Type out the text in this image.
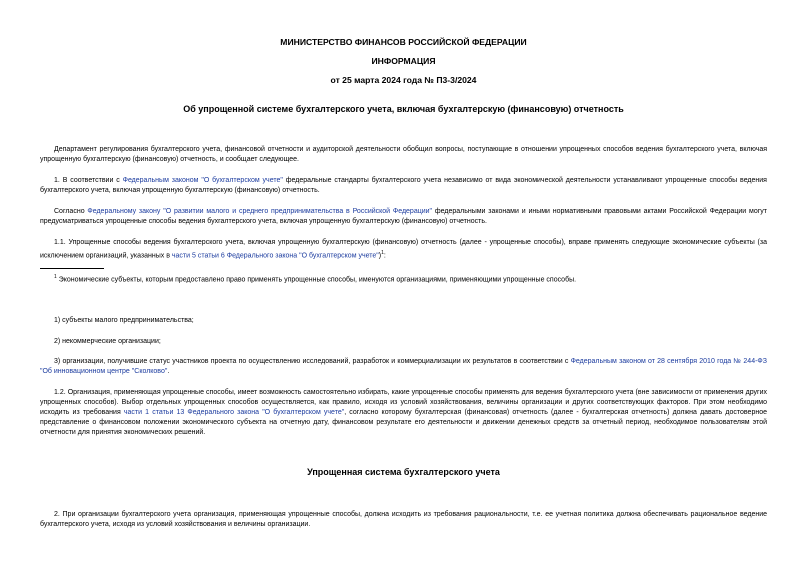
МИНИСТЕРСТВО ФИНАНСОВ РОССИЙСКОЙ ФЕДЕРАЦИИ
ИНФОРМАЦИЯ
от 25 марта 2024 года № П3-3/2024
Об упрощенной системе бухгалтерского учета, включая бухгалтерскую (финансовую) отчетность
Департамент регулирования бухгалтерского учета, финансовой отчетности и аудиторской деятельности обобщил вопросы, поступающие в отношении упрощенных способов ведения бухгалтерского учета, включая упрощенную бухгалтерскую (финансовую) отчетность, и сообщает следующее.
1. В соответствии с Федеральным законом "О бухгалтерском учете" федеральные стандарты бухгалтерского учета независимо от вида экономической деятельности устанавливают упрощенные способы ведения бухгалтерского учета, включая упрощенную бухгалтерскую (финансовую) отчетность.
Согласно Федеральному закону "О развитии малого и среднего предпринимательства в Российской Федерации" федеральными законами и иными нормативными правовыми актами Российской Федерации могут предусматриваться упрощенные способы ведения бухгалтерского учета, включая упрощенную бухгалтерскую (финансовую) отчетность.
1.1. Упрощенные способы ведения бухгалтерского учета, включая упрощенную бухгалтерскую (финансовую) отчетность (далее - упрощенные способы), вправе применять следующие экономические субъекты (за исключением организаций, указанных в части 5 статьи 6 Федерального закона "О бухгалтерском учете")$^1$:
$^1$ Экономические субъекты, которым предоставлено право применять упрощенные способы, именуются организациями, применяющими упрощенные способы.
1) субъекты малого предпринимательства;
2) некоммерческие организации;
3) организации, получившие статус участников проекта по осуществлению исследований, разработок и коммерциализации их результатов в соответствии с Федеральным законом от 28 сентября 2010 года № 244-ФЗ "Об инновационном центре "Сколково".
1.2. Организация, применяющая упрощенные способы, имеет возможность самостоятельно избирать, какие упрощенные способы применять для ведения бухгалтерского учета (вне зависимости от применения других упрощенных способов). Выбор отдельных упрощенных способов осуществляется, как правило, исходя из условий хозяйствования, величины организации и других соответствующих факторов. При этом необходимо исходить из требования части 1 статьи 13 Федерального закона "О бухгалтерском учете", согласно которому бухгалтерская (финансовая) отчетность (далее - бухгалтерская отчетность) должна давать достоверное представление о финансовом положении экономического субъекта на отчетную дату, финансовом результате его деятельности и движении денежных средств за отчетный период, необходимое пользователям этой отчетности для принятия экономических решений.
Упрощенная система бухгалтерского учета
2. При организации бухгалтерского учета организация, применяющая упрощенные способы, должна исходить из требования рациональности, т.е. ее учетная политика должна обеспечивать рациональное ведение бухгалтерского учета, исходя из условий хозяйствования и величины организации.
